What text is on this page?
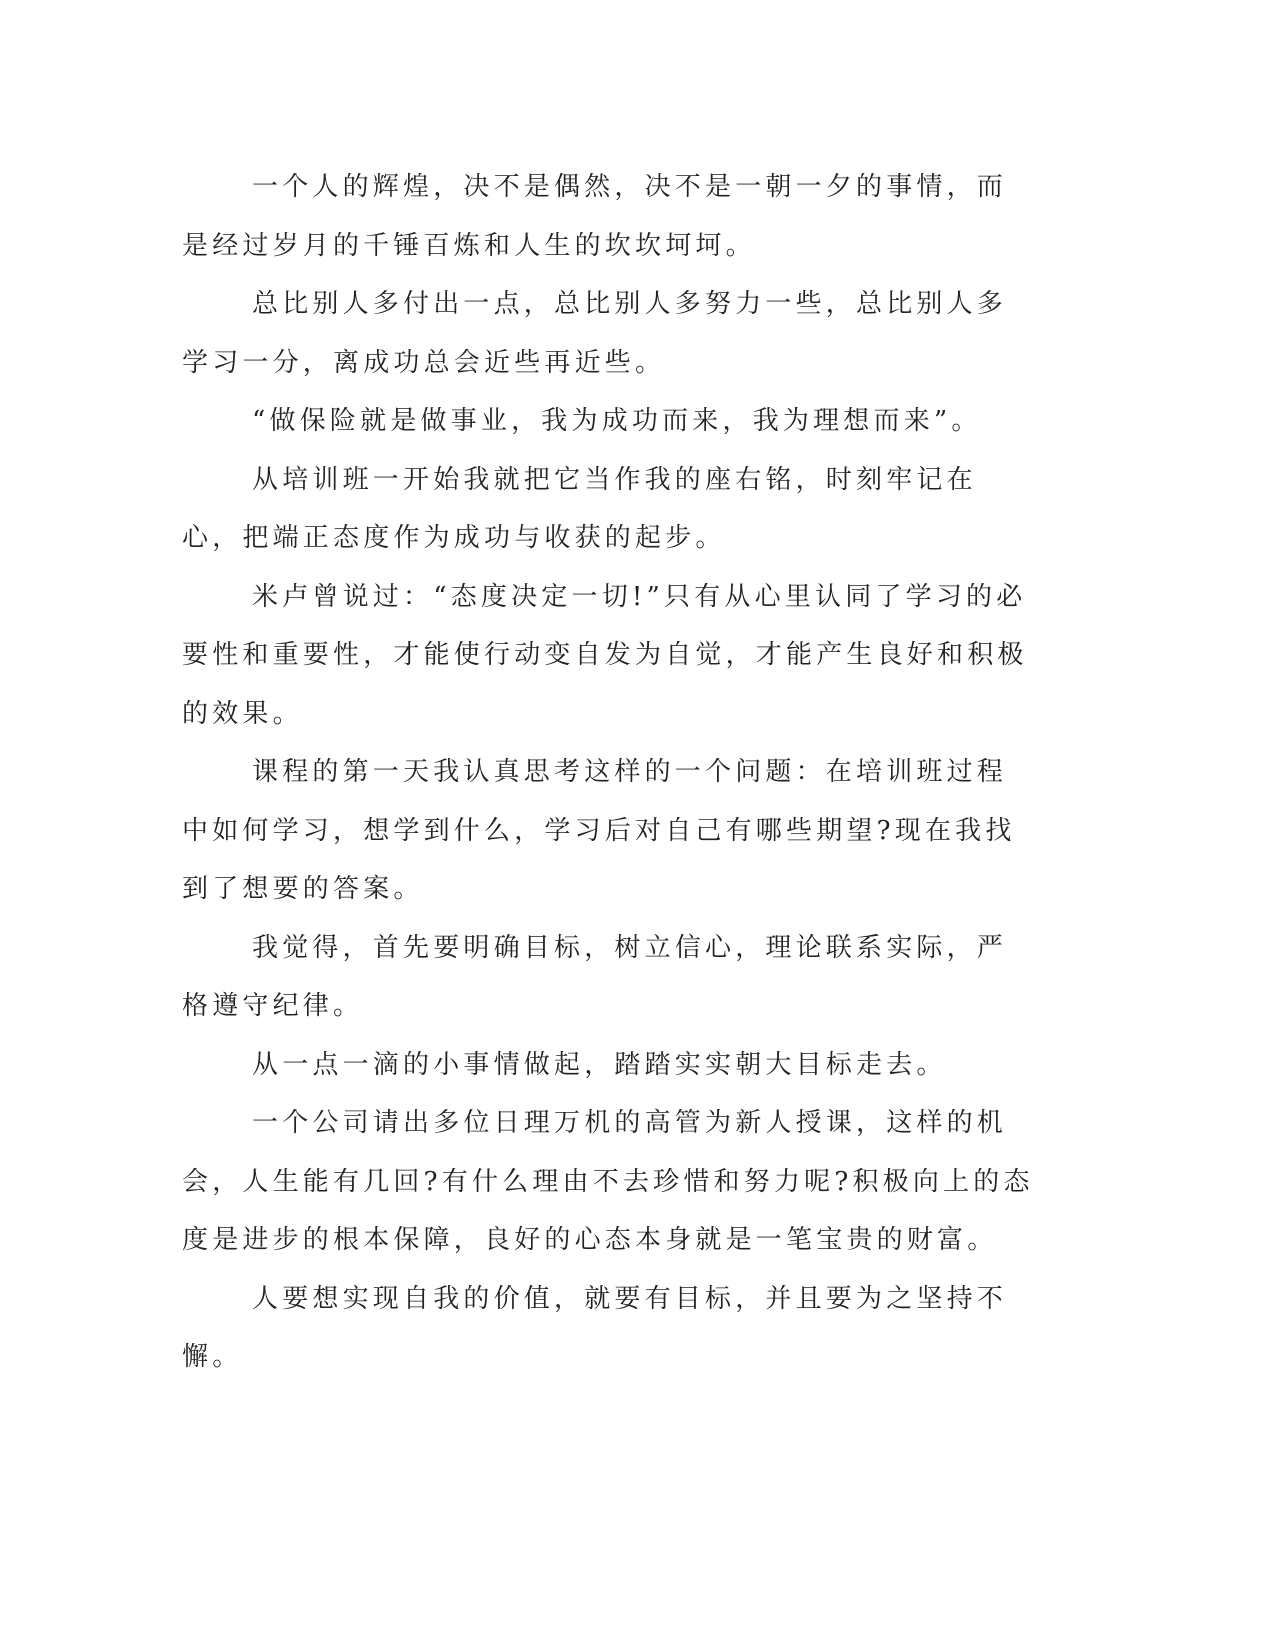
一个人的辉煌，决不是偶然，决不是一朝一夕的事情，而是经过岁月的千锤百炼和人生的坎坎坷坷。

总比别人多付出一点，总比别人多努力一些，总比别人多学习一分，离成功总会近些再近些。

“做保险就是做事业，我为成功而来，我为理想而来”。

从培训班一开始我就把它当作我的座右铭，时刻牢记在心，把端正态度作为成功与收获的起步。

米卢曾说过：“态度决定一切!”只有从心里认同了学习的必要性和重要性，才能使行动变自发为自觉，才能产生良好和积极的效果。

课程的第一天我认真思考这样的一个问题：在培训班过程中如何学习，想学到什么，学习后对自己有哪些期望?现在我找到了想要的答案。

我觉得，首先要明确目标，树立信心，理论联系实际，严格遵守纪律。

从一点一滴的小事情做起，踏踏实实朝大目标走去。

一个公司请出多位日理万机的高管为新人授课，这样的机会，人生能有几回?有什么理由不去珍惜和努力呢?积极向上的态度是进步的根本保障，良好的心态本身就是一笔宝贵的财富。

人要想实现自我的价值，就要有目标，并且要为之坚持不懈。
